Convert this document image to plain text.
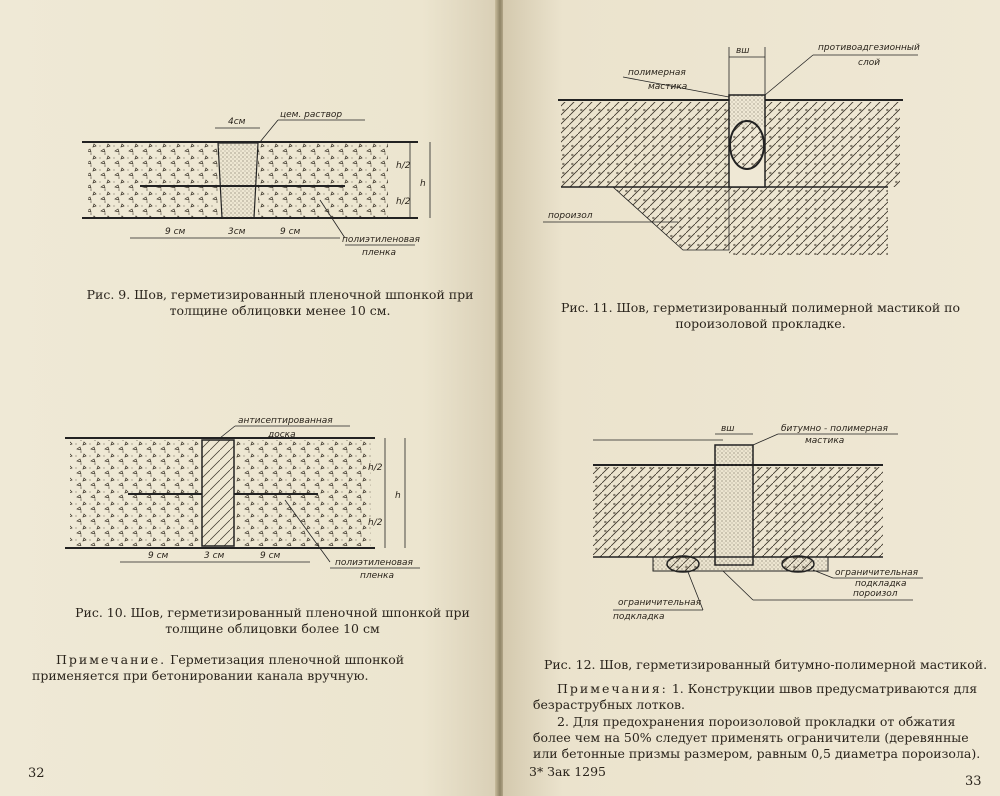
4см
цем. раствор
h/2
h/2
h
9 см	3см	9 см
полиэтиленовая
пленка
Рис. 9. Шов, герметизированный пленочной шпонкой при толщине облицовки менее 10 см.
антисептированная
доска
h/2
h/2
h
9 см	3 см	9 см
полиэтиленовая
пленка
Рис. 10. Шов, герметизированный пленочной шпонкой при толщине облицовки более 10 см
Примечание. Герметизация пленочной шпонкой применяется при бетонировании канала вручную.
32
вш	противоадгезионный
слой
полимерная
мастика
пороизол
Рис. 11. Шов, герметизированный полимерной мастикой по пороизоловой прокладке.
вш	битумно - полимерная
мастика
ограничительная
подкладка
пороизол
ограничительная
подкладка
Рис. 12. Шов, герметизированный битумно-полимерной мастикой.
Примечания: 1. Конструкции швов предусматриваются для безраструбных лотков.
2. Для предохранения пороизоловой прокладки от обжатия более чем на 50% следует применять ограничители (деревянные или бетонные призмы размером, равным 0,5 диаметра пороизола).
3* Зак 1295
33
